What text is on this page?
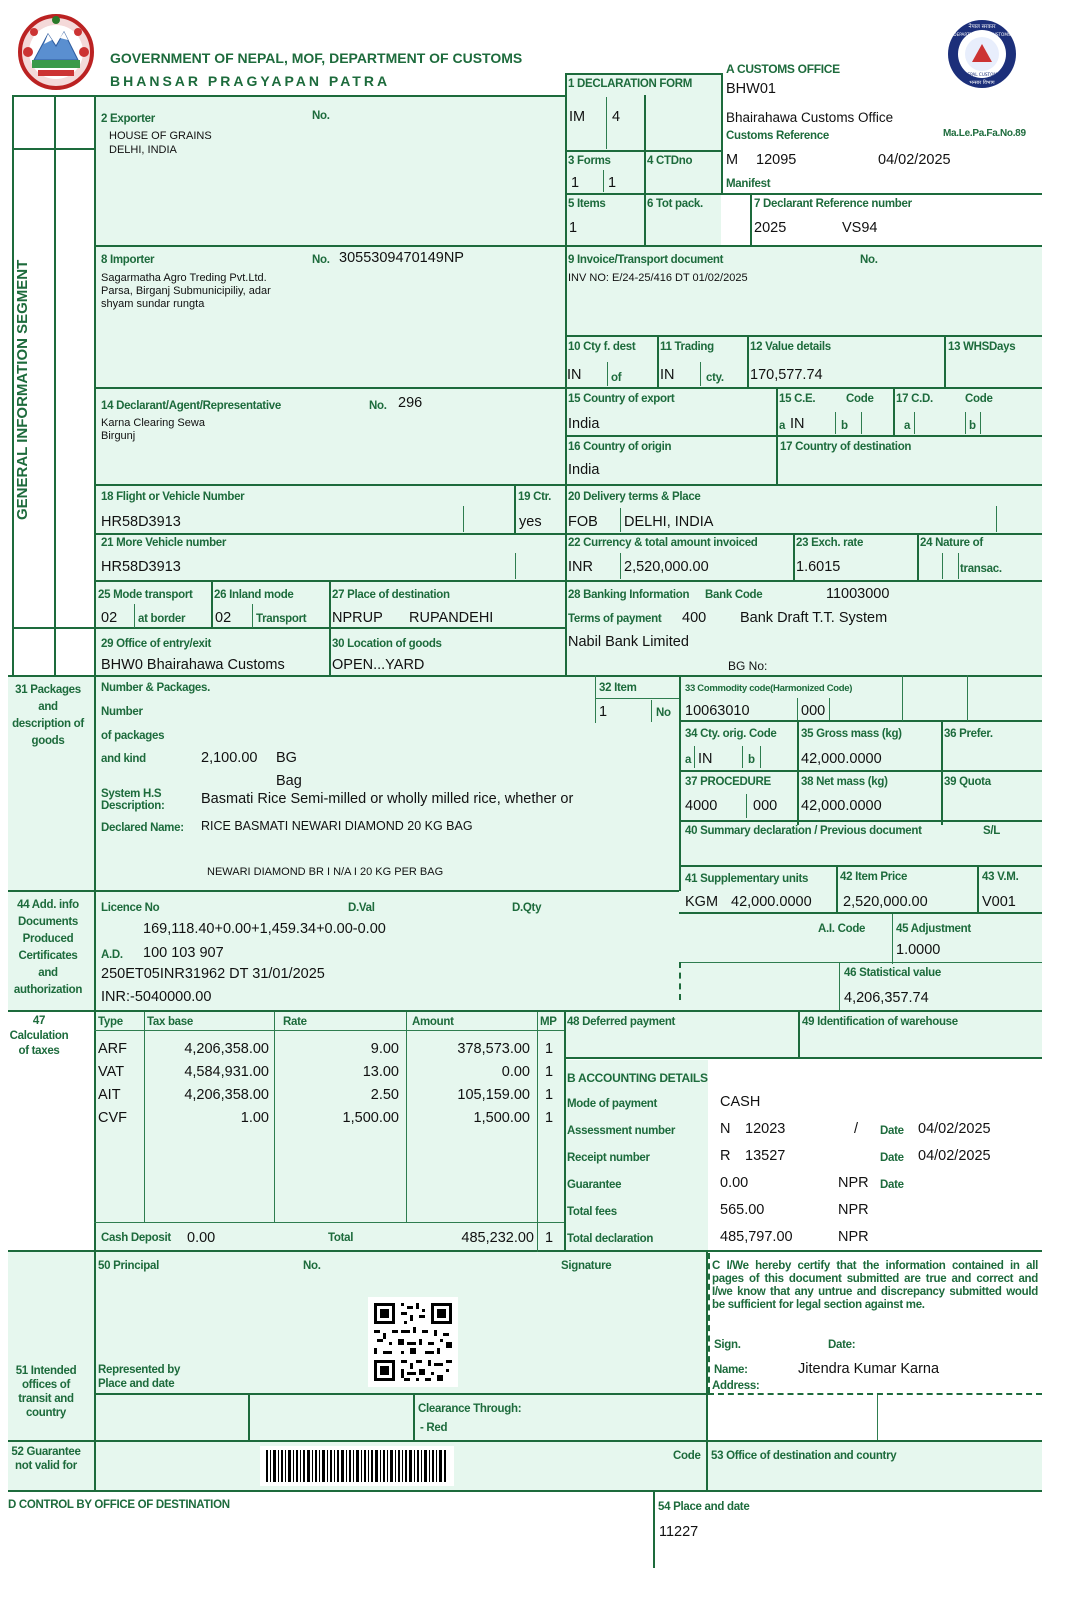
GOVERNMENT OF NEPAL, MOF, DEPARTMENT OF CUSTOMS
BHANSAR PRAGYAPAN PATRA
नेपाल सरकार
DEPARTMENT OF CUSTOMS
NEPAL CUSTOMS
भन्सार विभाग
GENERAL INFORMATION SEGMENT
A CUSTOMS OFFICE
BHW01
Bhairahawa Customs Office
Customs Reference	Ma.Le.Pa.Fa.No.89
M 12095	04/02/2025
Manifest
1 DECLARATION FORM
IM 4
3 Forms
1 1
4 CTDno
5 Items
1
6 Tot pack.	7 Declarant Reference number
2025	VS94
2 Exporter	No.
HOUSE OF GRAINS
DELHI, INDIA
8 Importer	No. 3055309470149NP
Sagarmatha Agro Treding Pvt.Ltd.
Parsa, Birganj Submunicipiliy, adar
shyam sundar rungta
9 Invoice/Transport document	No.
INV NO: E/24-25/416 DT 01/02/2025
10 Cty f. dest
IN	of
11 Trading
IN	cty.
12 Value details
170,577.74
13 WHSDays
14 Declarant/Agent/Representative	No. 296
Karna Clearing Sewa
Birgunj
15 Country of export
India
15 C.E.	Code
a IN	b
17 C.D.	Code
a	b
16 Country of origin
India
17 Country of destination
18 Flight or Vehicle Number
HR58D3913
19 Ctr.
yes
20 Delivery terms & Place
FOB DELHI, INDIA
21 More Vehicle number
HR58D3913
22 Currency & total amount invoiced
INR 2,520,000.00
23 Exch. rate
1.6015
24 Nature of
transac.
25 Mode transport
02 at border
26 Inland mode
02 Transport
27 Place of destination
NPRUP RUPANDEHI
28 Banking Information Bank Code	11003000
Terms of payment 400 Bank Draft T.T. System
Nabil Bank Limited
BG No:
29 Office of entry/exit
BHW0 Bhairahawa Customs
30 Location of goods
OPEN...YARD
31 Packages and description of goods
Number & Packages.
Number
of packages
and kind	2,100.00 BG
Bag
System H.S Description:	Basmati Rice Semi-milled or wholly milled rice, whether or
Declared Name: RICE BASMATI NEWARI DIAMOND 20 KG BAG
NEWARI DIAMOND BR I N/A I 20 KG PER BAG
32 Item
1	No
33 Commodity code(Harmonized Code)
10063010	000
34 Cty. orig. Code
a IN	b
35 Gross mass (kg)
42,000.0000
36 Prefer.
37 PROCEDURE
4000 000
38 Net mass (kg)
42,000.0000
39 Quota
40 Summary declaration / Previous document	S/L
41 Supplementary units
KGM 42,000.0000
42 Item Price
2,520,000.00
43 V.M.
V001
44 Add. info Documents Produced Certificates and authorization
Licence No	D.Val	D.Qty
169,118.40+0.00+1,459.34+0.00-0.00
A.D. 100 103 907
250ET05INR31962 DT 31/01/2025
INR:-5040000.00
A.I. Code	45 Adjustment
1.0000
46 Statistical value
4,206,357.74
47 Calculation of taxes
Type Tax base	Rate	Amount	MP
ARF	4,206,358.00	9.00	378,573.00 1
VAT	4,584,931.00	13.00	0.00 1
AIT	4,206,358.00	2.50	105,159.00 1
CVF	1.00	1,500.00	1,500.00 1
Cash Deposit 0.00	Total	485,232.00 1
48 Deferred payment	49 Identification of warehouse
B ACCOUNTING DETAILS
Mode of payment	CASH
Assessment number	N 12023	/ Date 04/02/2025
Receipt number	R 13527	Date 04/02/2025
Guarantee	0.00	NPR Date
Total fees	565.00	NPR
Total declaration	485,797.00	NPR
50 Principal	No.	Signature
Represented by
Place and date
Clearance Through:
- Red
C I/We hereby certify that the information contained in all pages of this document submitted are true and correct and I/we know that any untrue and discrepancy submitted would be sufficient for legal section against me.
Sign.	Date:
Name:	Jitendra Kumar Karna
Address:
51 Intended offices of transit and country
52 Guarantee not valid for
Code 53 Office of destination and country
D CONTROL BY OFFICE OF DESTINATION	54 Place and date
11227
